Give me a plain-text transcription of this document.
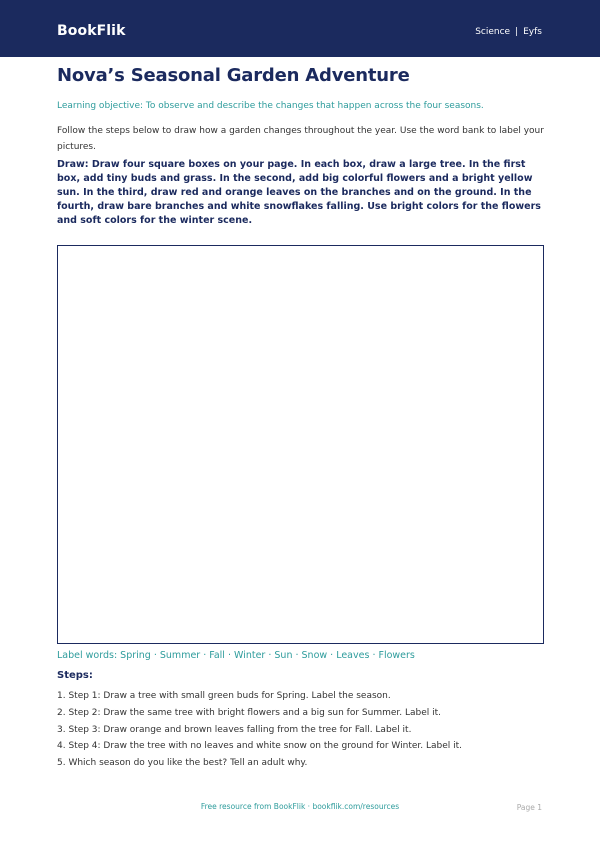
BookFlik	Science | Eyfs
Nova’s Seasonal Garden Adventure
Learning objective: To observe and describe the changes that happen across the four seasons.
Follow the steps below to draw how a garden changes throughout the year. Use the word bank to label your pictures.
Draw: Draw four square boxes on your page. In each box, draw a large tree. In the first box, add tiny buds and grass. In the second, add big colorful flowers and a bright yellow sun. In the third, draw red and orange leaves on the branches and on the ground. In the fourth, draw bare branches and white snowflakes falling. Use bright colors for the flowers and soft colors for the winter scene.
Label words: Spring · Summer · Fall · Winter · Sun · Snow · Leaves · Flowers
Steps:
1. Step 1: Draw a tree with small green buds for Spring. Label the season.
2. Step 2: Draw the same tree with bright flowers and a big sun for Summer. Label it.
3. Step 3: Draw orange and brown leaves falling from the tree for Fall. Label it.
4. Step 4: Draw the tree with no leaves and white snow on the ground for Winter. Label it.
5. Which season do you like the best? Tell an adult why.
Free resource from BookFlik · bookflik.com/resources	Page 1
